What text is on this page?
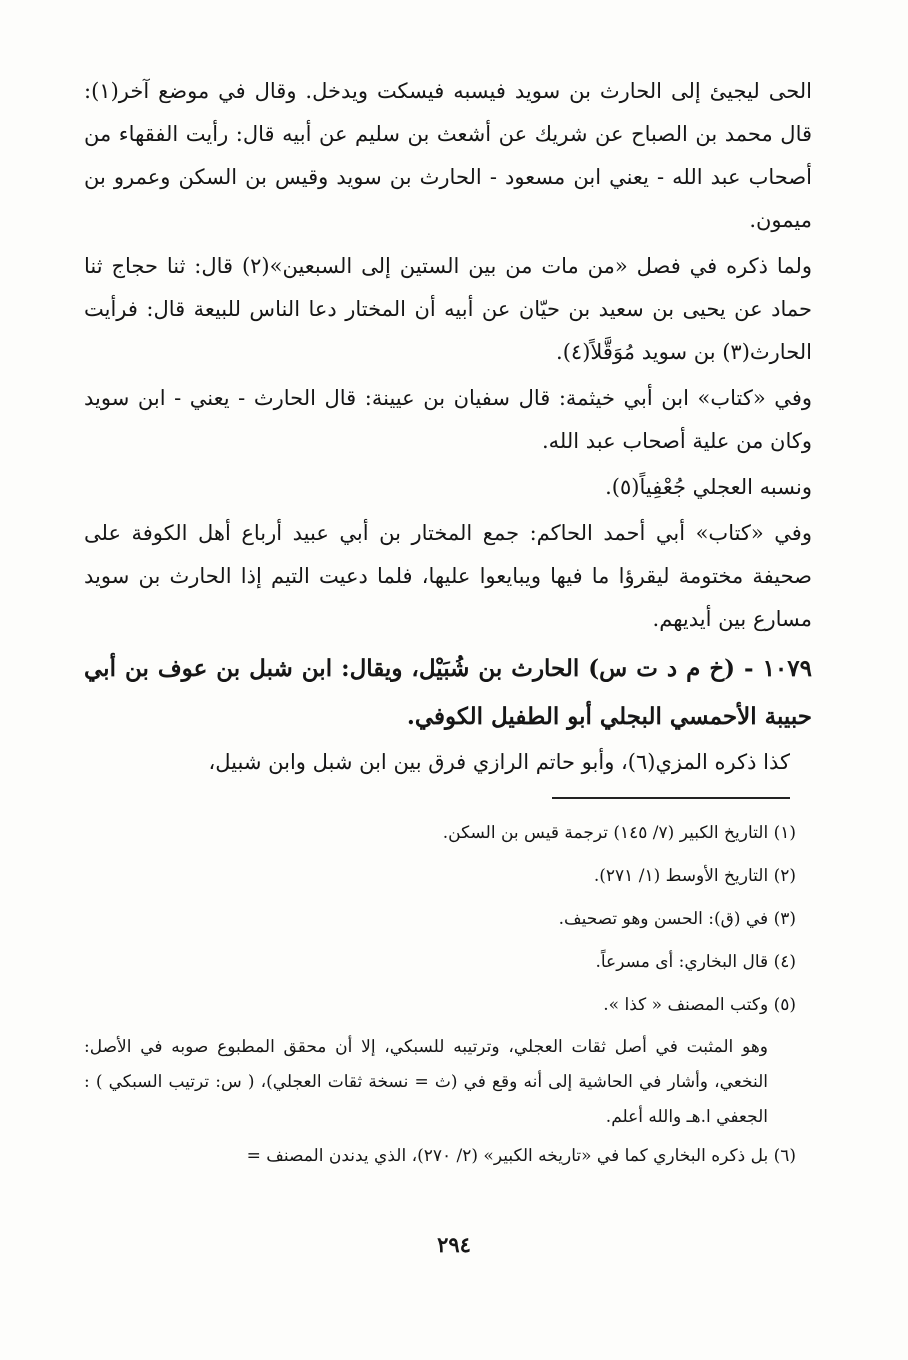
الحى ليجيئ إلى الحارث بن سويد فيسبه فيسكت ويدخل. وقال في موضع آخر(١): قال محمد بن الصباح عن شريك عن أشعث بن سليم عن أبيه قال: رأيت الفقهاء من أصحاب عبد الله - يعني ابن مسعود - الحارث بن سويد وقيس بن السكن وعمرو بن ميمون.

ولما ذكره في فصل «من مات من بين الستين إلى السبعين»(٢) قال: ثنا حجاج ثنا حماد عن يحيى بن سعيد بن حيّان عن أبيه أن المختار دعا الناس للبيعة قال: فرأيت الحارث(٣) بن سويد مُوَقَّلاً(٤).

وفي «كتاب» ابن أبي خيثمة: قال سفيان بن عيينة: قال الحارث - يعني - ابن سويد وكان من علية أصحاب عبد الله.

ونسبه العجلي جُعْفِياً(٥).

وفي «كتاب» أبي أحمد الحاكم: جمع المختار بن أبي عبيد أرباع أهل الكوفة على صحيفة مختومة ليقرؤا ما فيها ويبايعوا عليها، فلما دعيت التيم إذا الحارث بن سويد مسارع بين أيديهم.

١٠٧٩ - (خ م د ت س) الحارث بن شُبَيْل، ويقال: ابن شبل بن عوف بن أبي حبيبة الأحمسي البجلي أبو الطفيل الكوفي.

كذا ذكره المزي(٦)، وأبو حاتم الرازي فرق بين ابن شبل وابن شبيل،

(١) التاريخ الكبير (٧/ ١٤٥) ترجمة قيس بن السكن.

(٢) التاريخ الأوسط (١/ ٢٧١).

(٣) في (ق): الحسن وهو تصحيف.

(٤) قال البخاري: أى مسرعاً.

(٥) وكتب المصنف « كذا ».

وهو المثبت في أصل ثقات العجلي، وترتيبه للسبكي، إلا أن محقق المطبوع صوبه في الأصل: النخعي، وأشار في الحاشية إلى أنه وقع في (ث = نسخة ثقات العجلي)، ( س: ترتيب السبكي ) : الجعفي ا.هـ والله أعلم.

(٦) بل ذكره البخاري كما في «تاريخه الكبير» (٢/ ٢٧٠)، الذي يدندن المصنف =

٢٩٤
